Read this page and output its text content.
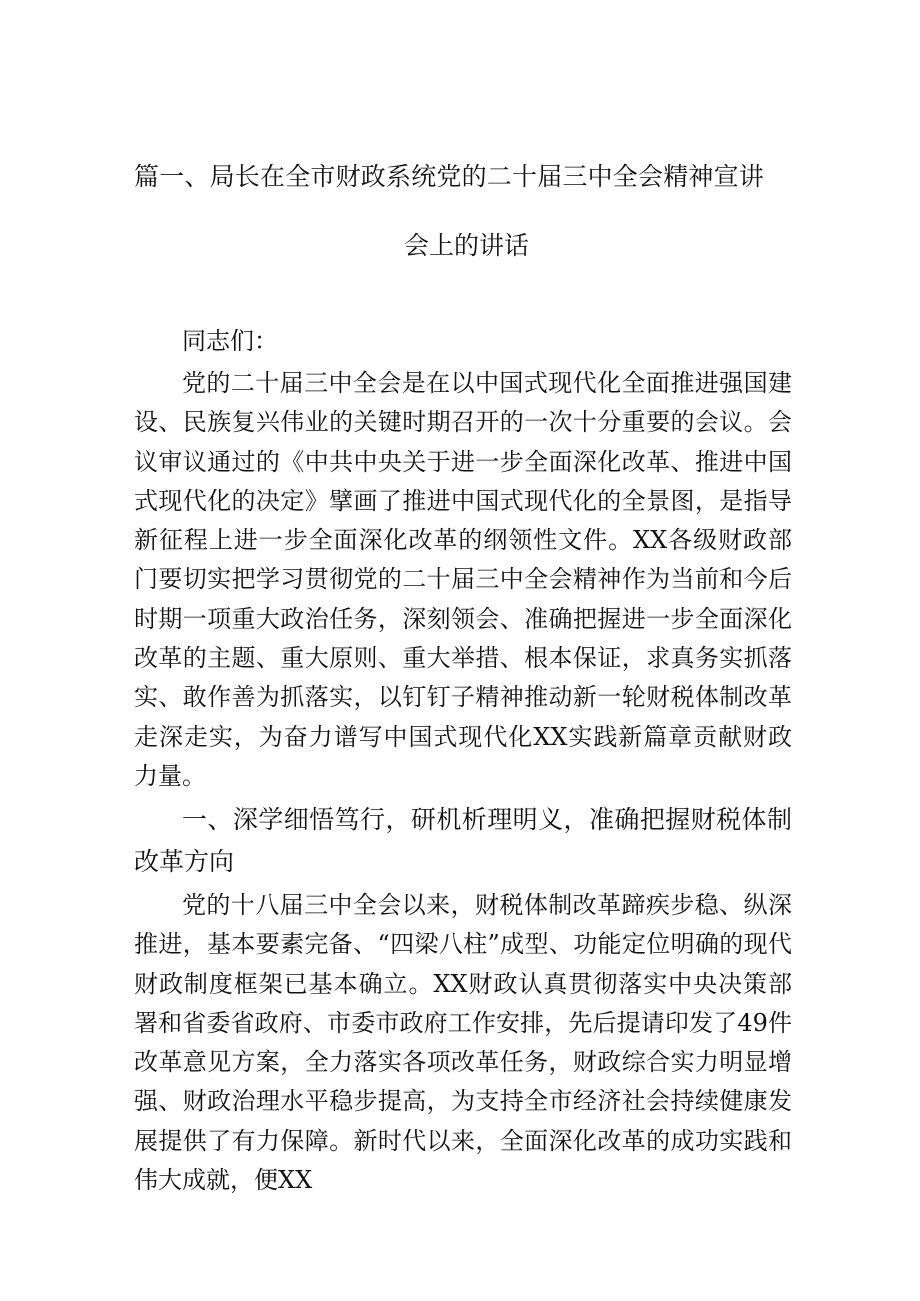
篇一、局长在全市财政系统党的二十届三中全会精神宣讲
会上的讲话

同志们：

党的二十届三中全会是在以中国式现代化全面推进强国建设、民族复兴伟业的关键时期召开的一次十分重要的会议。会议审议通过的《中共中央关于进一步全面深化改革、推进中国式现代化的决定》擘画了推进中国式现代化的全景图，是指导新征程上进一步全面深化改革的纲领性文件。XX各级财政部门要切实把学习贯彻党的二十届三中全会精神作为当前和今后时期一项重大政治任务，深刻领会、准确把握进一步全面深化改革的主题、重大原则、重大举措、根本保证，求真务实抓落实、敢作善为抓落实，以钉钉子精神推动新一轮财税体制改革走深走实，为奋力谱写中国式现代化XX实践新篇章贡献财政力量。

一、深学细悟笃行，研机析理明义，准确把握财税体制改革方向

党的十八届三中全会以来，财税体制改革蹄疾步稳、纵深推进，基本要素完备、“四梁八柱”成型、功能定位明确的现代财政制度框架已基本确立。XX财政认真贯彻落实中央决策部署和省委省政府、市委市政府工作安排，先后提请印发了49件改革意见方案，全力落实各项改革任务，财政综合实力明显增强、财政治理水平稳步提高，为支持全市经济社会持续健康发展提供了有力保障。新时代以来，全面深化改革的成功实践和伟大成就，便XX
